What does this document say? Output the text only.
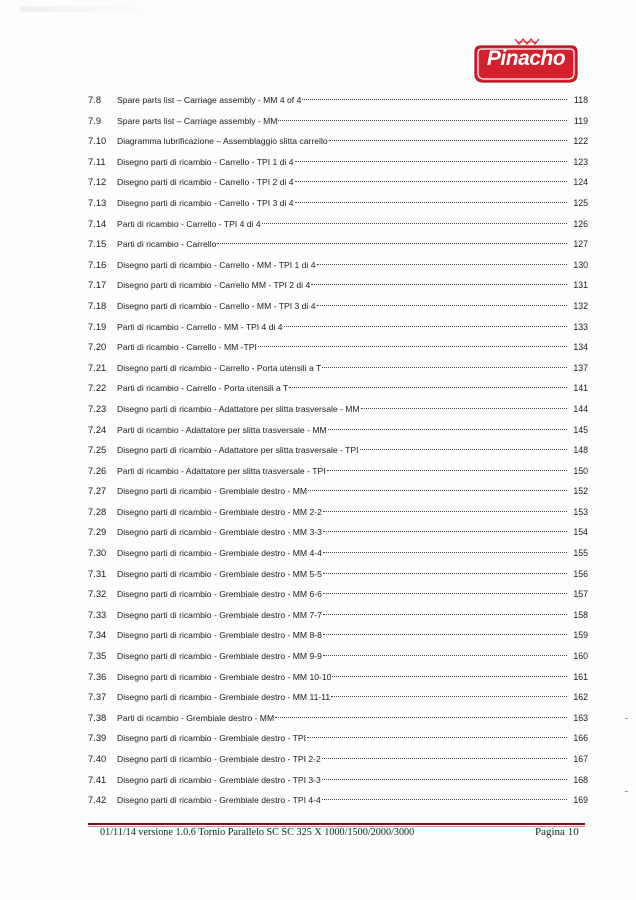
Pinacho
7.8	Spare parts list – Carriage assembly - MM 4 of 4	118
7.9	Spare parts list – Carriage assembly - MM	119
7.10	Diagramma lubrificazione – Assemblaggio slitta carrello	122
7.11	Disegno parti di ricambio - Carrello - TPI 1 di 4	123
7.12	Disegno parti di ricambio - Carrello - TPI 2 di 4	124
7.13	Disegno parti di ricambio - Carrello - TPI 3 di 4	125
7.14	Parti di ricambio - Carrello - TPI 4 di 4	126
7.15	Parti di ricambio - Carrello	127
7.16	Disegno parti di ricambio - Carrello - MM - TPI 1 di 4	130
7.17	Disegno parti di ricambio - Carrello MM - TPI 2 di 4	131
7.18	Disegno parti di ricambio - Carrello - MM - TPI 3 di 4	132
7.19	Parti di ricambio - Carrello - MM - TPI 4 di 4	133
7.20	Parti di ricambio - Carrello - MM -TPI	134
7.21	Disegno parti di ricambio - Carrello - Porta utensili a T	137
7.22	Parti di ricambio - Carrello - Porta utensili a T	141
7.23	Disegno parti di ricambio - Adattatore per slitta trasversale - MM	144
7.24	Parti di ricambio - Adattatore per slitta trasversale - MM	145
7.25	Disegno parti di ricambio - Adattatore per slitta trasversale - TPI	148
7.26	Parti di ricambio - Adattatore per slitta trasversale - TPI	150
7.27	Disegno parti di ricambio - Grembiale destro - MM	152
7.28	Disegno parti di ricambio - Grembiale destro - MM 2-2	153
7.29	Disegno parti di ricambio - Grembiale destro - MM 3-3	154
7.30	Disegno parti di ricambio - Grembiale destro - MM 4-4	155
7.31	Disegno parti di ricambio - Grembiale destro - MM 5-5	156
7.32	Disegno parti di ricambio - Grembiale destro - MM 6-6	157
7.33	Disegno parti di ricambio - Grembiale destro - MM 7-7	158
7.34	Disegno parti di ricambio - Grembiale destro - MM 8-8	159
7.35	Disegno parti di ricambio - Grembiale destro - MM 9-9	160
7.36	Disegno parti di ricambio - Grembiale destro - MM 10-10	161
7.37	Disegno parti di ricambio - Grembiale destro - MM 11-11	162
7.38	Parti di ricambio - Grembiale destro - MM	163
7.39	Disegno parti di ricambio - Grembiale destro - TPI	166
7.40	Disegno parti di ricambio - Grembiale destro - TPI 2-2	167
7.41	Disegno parti di ricambio - Grembiale destro - TPI 3-3	168
7.42	Disegno parti di ricambio - Grembiale destro - TPI 4-4	169
01/11/14 versione 1.0.6 Tornio Parallelo SC SC 325 X 1000/1500/2000/3000	Pagina 10
